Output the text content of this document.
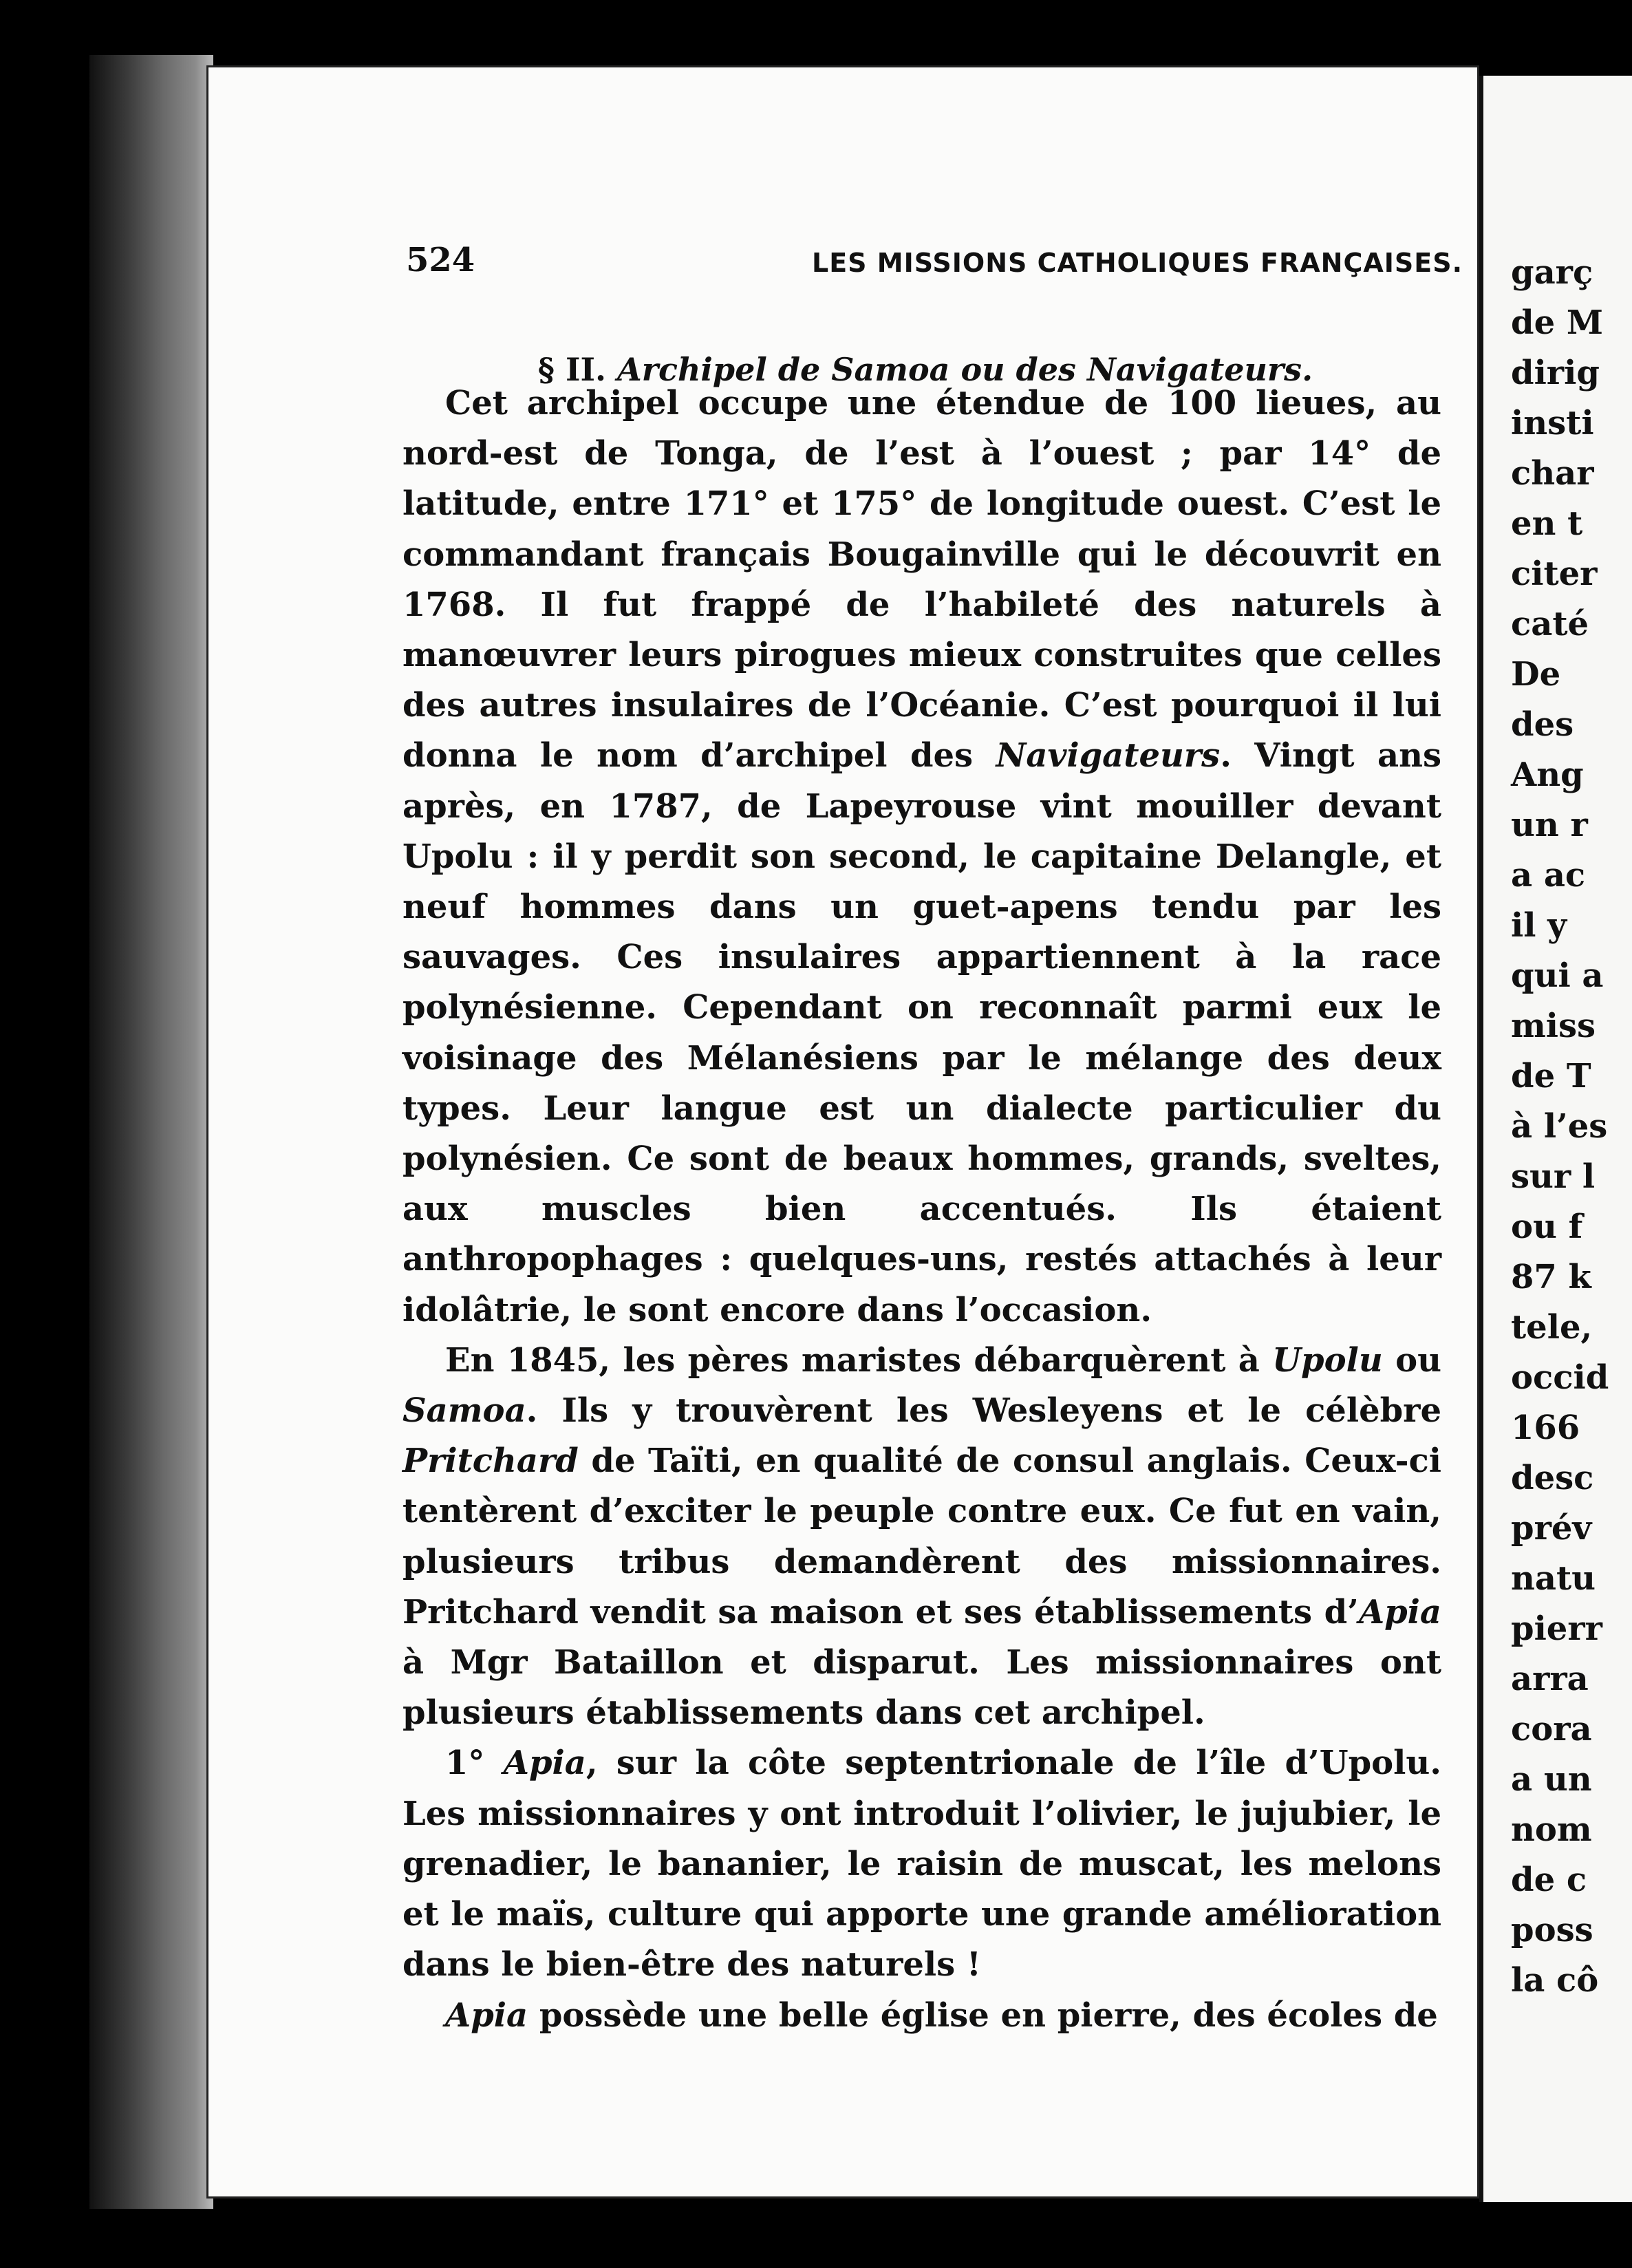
524	LES MISSIONS CATHOLIQUES FRANÇAISES.
§ II. Archipel de Samoa ou des Navigateurs.

Cet archipel occupe une étendue de 100 lieues, au nord-est de Tonga, de l’est à l’ouest ; par 14° de latitude, entre 171° et 175° de longitude ouest. C’est le commandant français Bougainville qui le découvrit en 1768. Il fut frappé de l’habileté des naturels à manœuvrer leurs pirogues mieux construites que celles des autres insulaires de l’Océanie. C’est pourquoi il lui donna le nom d’archipel des Navigateurs. Vingt ans après, en 1787, de Lapeyrouse vint mouiller devant Upolu : il y perdit son second, le capitaine Delangle, et neuf hommes dans un guet-apens tendu par les sauvages. Ces insulaires appartiennent à la race polynésienne. Cependant on reconnaît parmi eux le voisinage des Mélanésiens par le mélange des deux types. Leur langue est un dialecte particulier du polynésien. Ce sont de beaux hommes, grands, sveltes, aux muscles bien accentués. Ils étaient anthropophages : quelques-uns, restés attachés à leur idolâtrie, le sont encore dans l’occasion.

En 1845, les pères maristes débarquèrent à Upolu ou Samoa. Ils y trouvèrent les Wesleyens et le célèbre Pritchard de Taïti, en qualité de consul anglais. Ceux-ci tentèrent d’exciter le peuple contre eux. Ce fut en vain, plusieurs tribus demandèrent des missionnaires. Pritchard vendit sa maison et ses établissements d’Apia à Mgr Bataillon et disparut. Les missionnaires ont plusieurs établissements dans cet archipel.

1° Apia, sur la côte septentrionale de l’île d’Upolu. Les missionnaires y ont introduit l’olivier, le jujubier, le grenadier, le bananier, le raisin de muscat, les melons et le maïs, culture qui apporte une grande amélioration dans le bien-être des naturels !

Apia possède une belle église en pierre, des écoles de

garç
de M
dirig
insti
char
en t
citer
caté
De
des
Ang
un r
a ac
il y
qui a
miss
de T
à l’es
sur l
ou f
87 k
tele,
occid
166
desc
prév
natu
pierr
arra
cora
a un
nom
de c
poss
la cô
